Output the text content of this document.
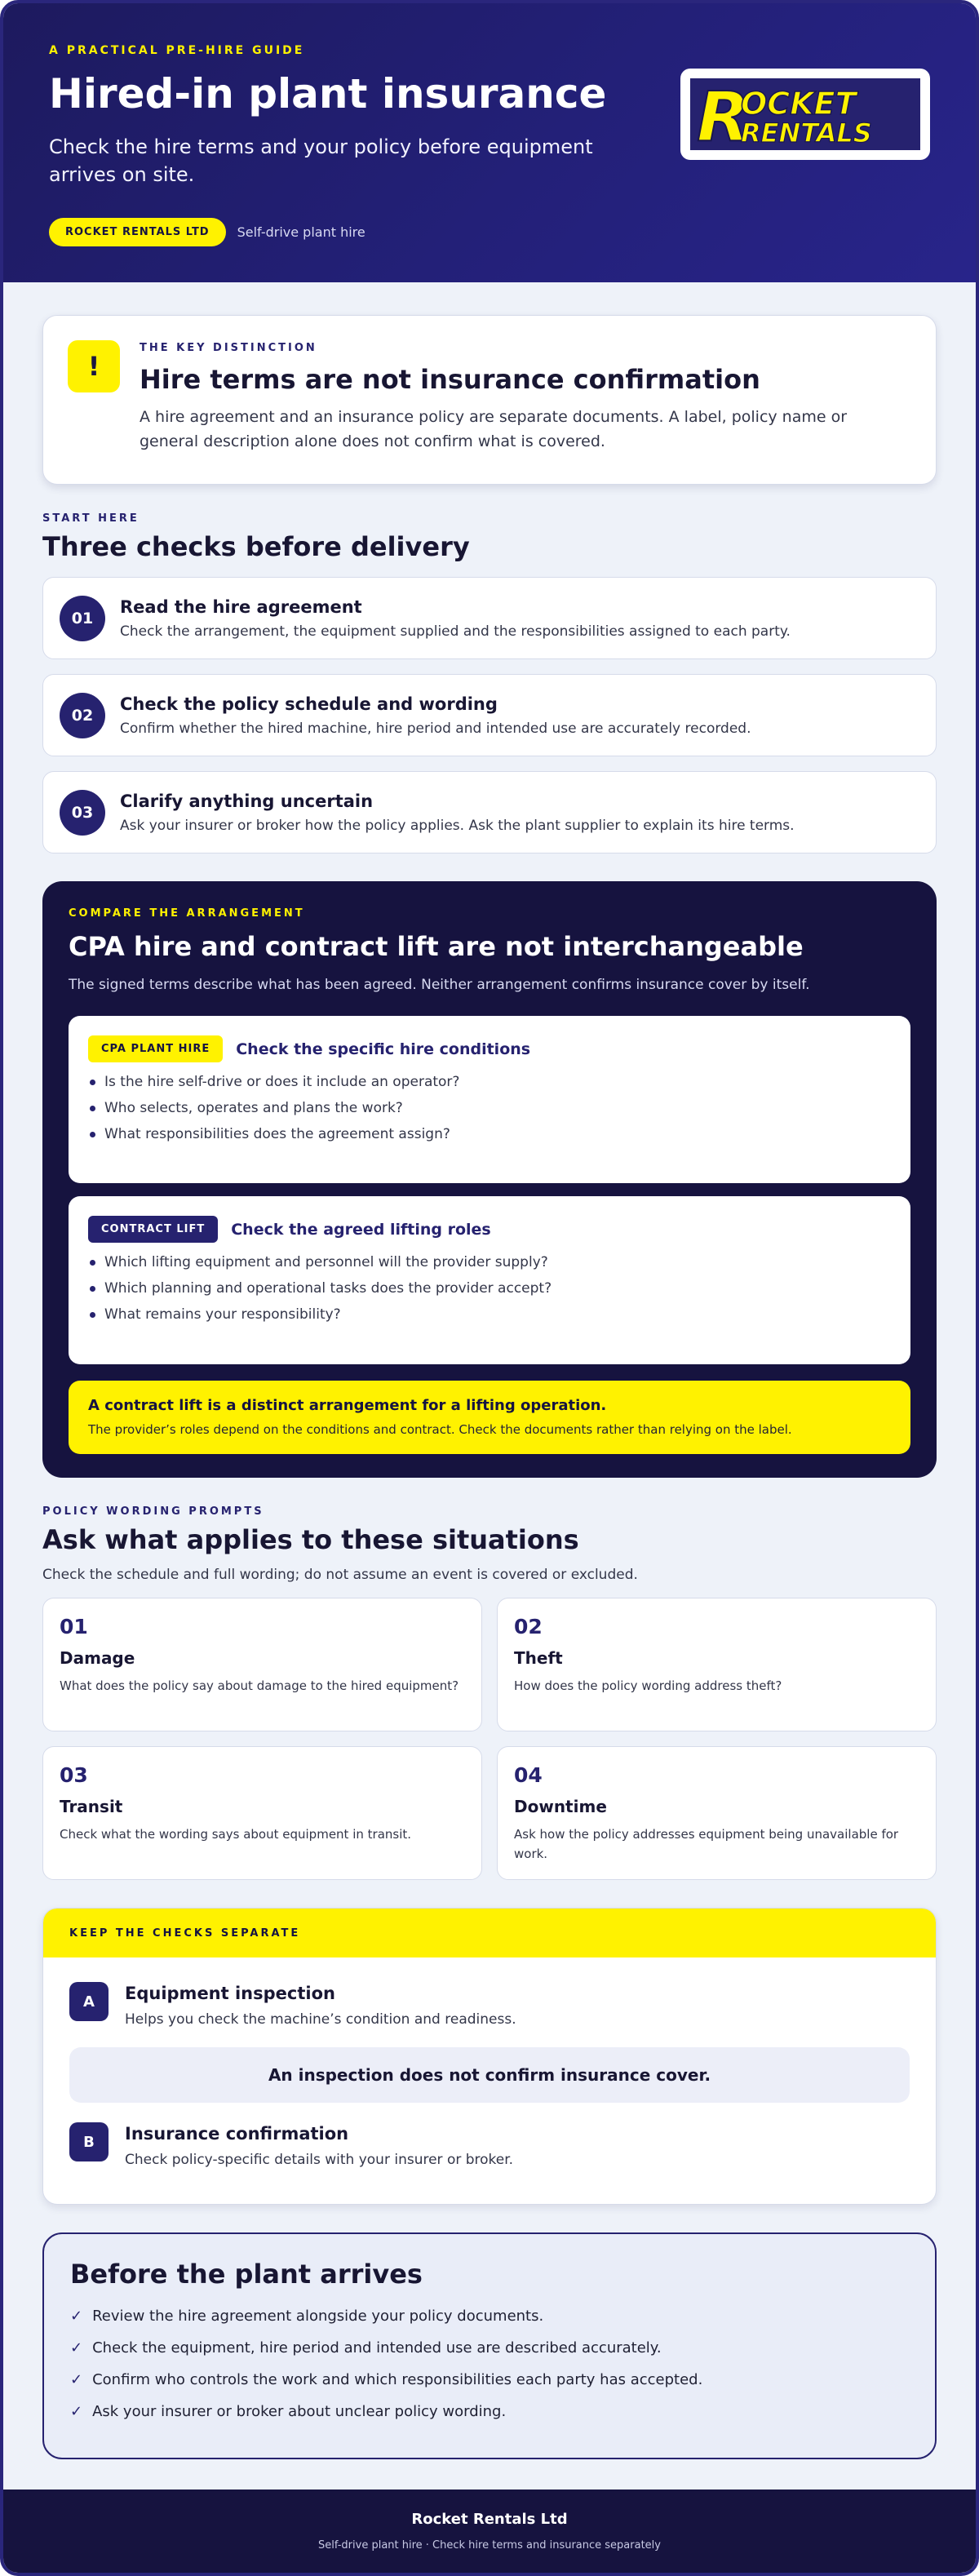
A PRACTICAL PRE-HIRE GUIDE
Hired-in plant insurance

Check the hire terms and your policy before equipment arrives on site.

ROCKET RENTALS LTD	Self-drive plant hire
R
OCKET
RENTALS
!
THE KEY DISTINCTION
Hire terms are not insurance confirmation

A hire agreement and an insurance policy are separate documents. A label, policy name or general description alone does not confirm what is covered.

START HERE
Three checks before delivery
01
Read the hire agreement

Check the arrangement, the equipment supplied and the responsibilities assigned to each party.

02
Check the policy schedule and wording

Confirm whether the hired machine, hire period and intended use are accurately recorded.

03
Clarify anything uncertain

Ask your insurer or broker how the policy applies. Ask the plant supplier to explain its hire terms.

COMPARE THE ARRANGEMENT
CPA hire and contract lift are not interchangeable

The signed terms describe what has been agreed. Neither arrangement confirms insurance cover by itself.

CPA PLANT HIRE	Check the specific hire conditions
Is the hire self-drive or does it include an operator?
Who selects, operates and plans the work?
What responsibilities does the agreement assign?
CONTRACT LIFT	Check the agreed lifting roles
Which lifting equipment and personnel will the provider supply?
Which planning and operational tasks does the provider accept?
What remains your responsibility?
A contract lift is a distinct arrangement for a lifting operation.

The provider’s roles depend on the conditions and contract. Check the documents rather than relying on the label.

POLICY WORDING PROMPTS
Ask what applies to these situations

Check the schedule and full wording; do not assume an event is covered or excluded.

01
Damage

What does the policy say about damage to the hired equipment?

02
Theft

How does the policy wording address theft?

03
Transit

Check what the wording says about equipment in transit.

04
Downtime

Ask how the policy addresses equipment being unavailable for work.

KEEP THE CHECKS SEPARATE
A	Equipment inspection

Helps you check the machine’s condition and readiness.

An inspection does not confirm insurance cover.
B	Insurance confirmation

Check policy-specific details with your insurer or broker.

Before the plant arrives
✓ Review the hire agreement alongside your policy documents.
✓ Check the equipment, hire period and intended use are described accurately.
✓ Confirm who controls the work and which responsibilities each party has accepted.
✓ Ask your insurer or broker about unclear policy wording.
Rocket Rentals Ltd
Self-drive plant hire · Check hire terms and insurance separately
